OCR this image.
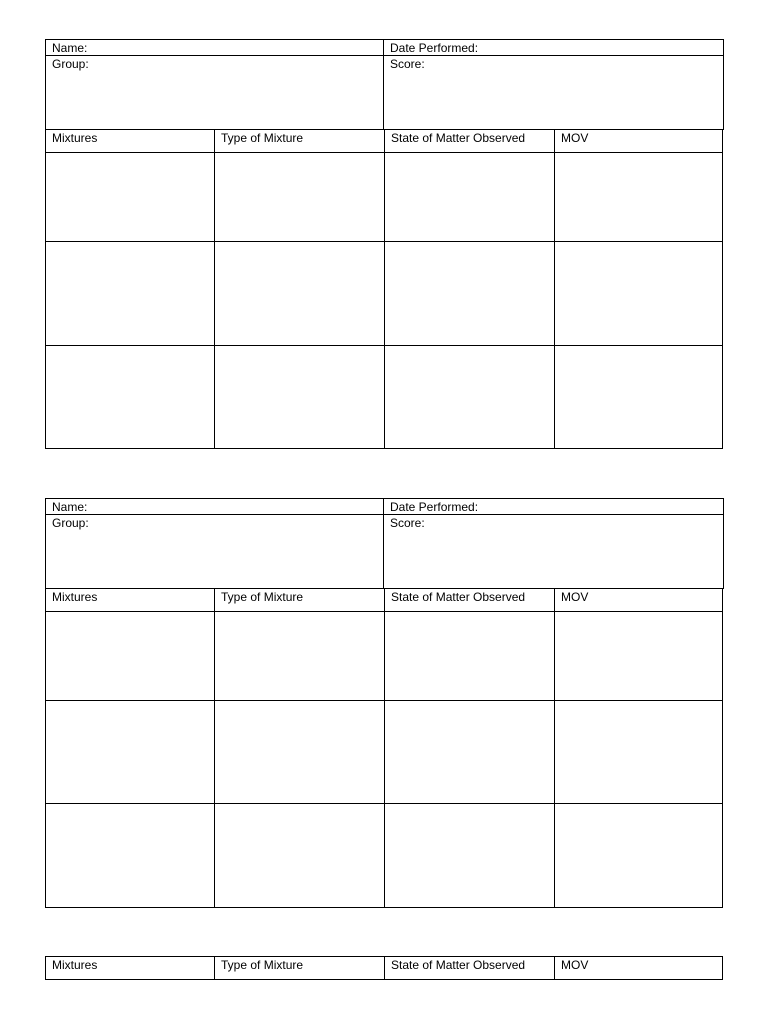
Name:	Date Performed:
Group:	Score:
Mixtures	Type of Mixture	State of Matter Observed	MOV
Name:	Date Performed:
Group:	Score:
Mixtures	Type of Mixture	State of Matter Observed	MOV
Mixtures	Type of Mixture	State of Matter Observed	MOV
